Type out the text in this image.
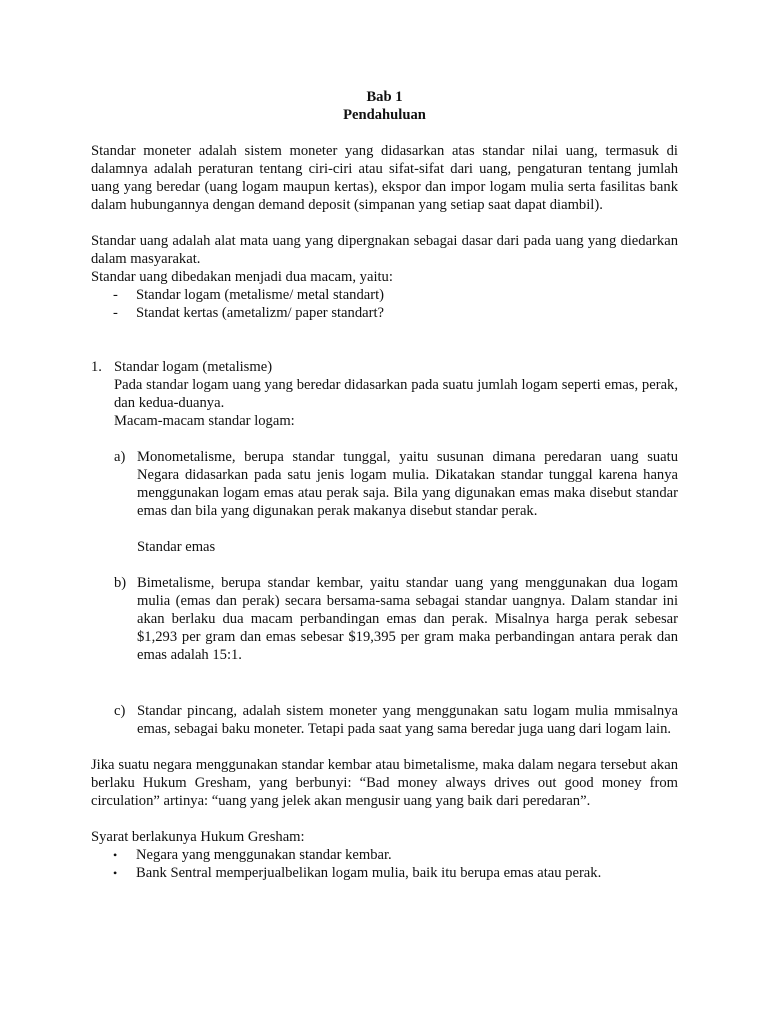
Bab 1

Pendahuluan

Standar moneter adalah sistem moneter yang didasarkan atas standar nilai uang, termasuk di dalamnya adalah peraturan tentang ciri-ciri atau sifat-sifat dari uang, pengaturan tentang jumlah uang yang beredar (uang logam maupun kertas), ekspor dan impor logam mulia serta fasilitas bank dalam hubungannya dengan demand deposit (simpanan yang setiap saat dapat diambil).

Standar uang adalah alat mata uang yang dipergnakan sebagai dasar dari pada uang yang diedarkan dalam masyarakat.

Standar uang dibedakan menjadi dua macam, yaitu:

-	Standar logam (metalisme/ metal standart)
-	Standat kertas (ametalizm/ paper standart?
1. Standar logam (metalisme)

Pada standar logam uang yang beredar didasarkan pada suatu jumlah logam seperti emas, perak, dan kedua-duanya.

Macam-macam standar logam:

a) Monometalisme, berupa standar tunggal, yaitu susunan dimana peredaran uang suatu Negara didasarkan pada satu jenis logam mulia. Dikatakan standar tunggal karena hanya menggunakan logam emas atau perak saja. Bila yang digunakan emas maka disebut standar emas dan bila yang digunakan perak makanya disebut standar perak.

Standar emas

b) Bimetalisme, berupa standar kembar, yaitu standar uang yang menggunakan dua logam mulia (emas dan perak) secara bersama-sama sebagai standar uangnya. Dalam standar ini akan berlaku dua macam perbandingan emas dan perak. Misalnya harga perak sebesar $1,293 per gram dan emas sebesar $19,395 per gram maka perbandingan antara perak dan emas adalah 15:1.

c) Standar pincang, adalah sistem moneter yang menggunakan satu logam mulia mmisalnya emas, sebagai baku moneter. Tetapi pada saat yang sama beredar juga uang dari logam lain.

Jika suatu negara menggunakan standar kembar atau bimetalisme, maka dalam negara tersebut akan berlaku Hukum Gresham, yang berbunyi: “Bad money always drives out good money from circulation” artinya: “uang yang jelek akan mengusir uang yang baik dari peredaran”.

Syarat berlakunya Hukum Gresham:

• Negara yang menggunakan standar kembar.
• Bank Sentral memperjualbelikan logam mulia, baik itu berupa emas atau perak.
